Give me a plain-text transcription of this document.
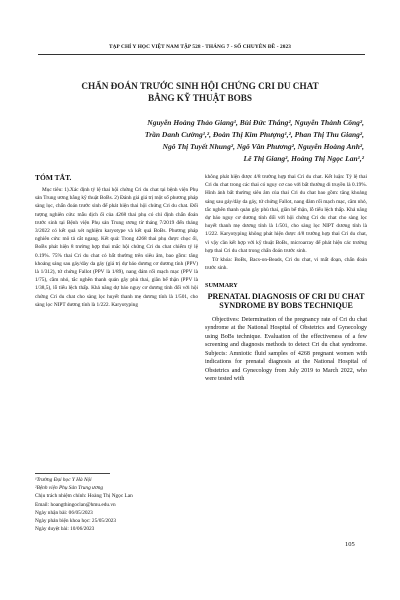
TẠP CHÍ Y HỌC VIỆT NAM TẬP 528 - THÁNG 7 - SỐ CHUYÊN ĐỀ - 2023
CHẨN ĐOÁN TRƯỚC SINH HỘI CHỨNG CRI DU CHAT
BẰNG KỸ THUẬT BOBS
Nguyễn Hoàng Thảo Giang¹, Bùi Đức Thắng², Nguyễn Thành Công²,
Trần Danh Cường¹,², Đoàn Thị Kim Phượng¹,², Phan Thị Thu Giang²,
Ngô Thị Tuyết Nhung², Ngô Văn Phương², Nguyễn Hoàng Anh²,
Lê Thị Giang², Hoàng Thị Ngọc Lan¹,²
TÓM TẮT.

Mục tiêu: 1).Xác định tỷ lệ thai hội chứng Cri du chat tại bệnh viện Phụ sản Trung ương bằng kỹ thuật BoBs. 2) Đánh giá giá trị một số phương pháp sàng lọc, chẩn đoán trước sinh để phát hiện thai hội chứng Cri du chat. Đối tượng nghiên cứu: mẫu dịch ối của 4268 thai phụ có chỉ định chẩn đoán trước sinh tại Bệnh viện Phụ sản Trung ương từ tháng 7/2019 đến tháng 3/2022 có kết quả xét nghiệm karyotype và kết quả BoBs. Phương pháp nghiên cứu: mô tả cắt ngang. Kết quả: Trong 4268 thai phụ được chọc ối, BoBs phát hiện 8 trường hợp thai mắc hội chứng Cri du chat chiếm tỷ lệ 0.19%. 75% thai Cri du chat có bất thường trên siêu âm, bao gồm: tăng khoảng sáng sau gáy/dày da gáy (giá trị dự báo dương cơ dương tính (PPV) là 1/312), tứ chứng Fallot (PPV là 1/89), nang đám rối mạch mạc (PPV là 1/75), cầm nhỏ, tắc nghẽn thanh quản gây phù thai, giãn bể thận (PPV là 1/38,5), lỗ tiểu lệch thấp. Khả năng dự báo nguy cơ dương tính đối với hội chứng Cri du chat cho sàng lọc huyết thanh mẹ dương tính là 1/501, cho sàng lọc NIPT dương tính là 1/222. Karyotyping

¹Trường Đại học Y Hà Nội
²Bệnh viện Phụ Sản Trung ương
Chịu trách nhiệm chính: Hoàng Thị Ngọc Lan
Email: hoangthingoclan@hmu.edu.vn
Ngày nhận bài: 06/05/2023
Ngày phản biện khoa học: 25/05/2023
Ngày duyệt bài: 10/06/2023

không phát hiện được 4/8 trường hợp thai Cri du chat. Kết luận: Tỷ lệ thai Cri du chat trong các thai có nguy cơ cao với bất thường di truyền là 0.19%. Hình ảnh bất thường siêu âm của thai Cri du chat bao gồm: tăng khoảng sáng sau gáy/dày da gáy, tứ chứng Fallot, nang đám rối mạch mạc, cằm nhỏ, tắc nghẽn thanh quản gây phù thai, giãn bể thận, lỗ tiểu lệch thấp. Khả năng dự báo nguy cơ dương tính đối với hội chứng Cri du chat cho sàng lọc huyết thanh mẹ dương tính là 1/501, cho sàng lọc NIPT dương tính là 1/222. Karyotyping không phát hiện được 4/8 trường hợp thai Cri du chat, vì vậy cần kết hợp với kỹ thuật BoBs, microarray để phát hiện các trường hợp thai Cri du chat trong chẩn đoán trước sinh.

Từ khóa: BoBs, Bacs-on-Beads, Cri du chat, vi mất đoạn, chẩn đoán trước sinh.

SUMMARY
PRENATAL DIAGNOSIS OF CRI DU CHAT SYNDROME BY BOBS TECHNIQUE

Objectives: Determination of the pregnancy rate of Cri du chat syndrome at the National Hospital of Obstetrics and Gynecology using BoBs technique. Evaluation of the effectiveness of a few screening and diagnosis methods to detect Cri du chat syndrome. Subjects: Amniotic fluid samples of 4268 pregnant women with indications for prenatal diagnosis at the National Hospital of Obstetrics and Gynecology from July 2019 to March 2022, who were tested with

105
